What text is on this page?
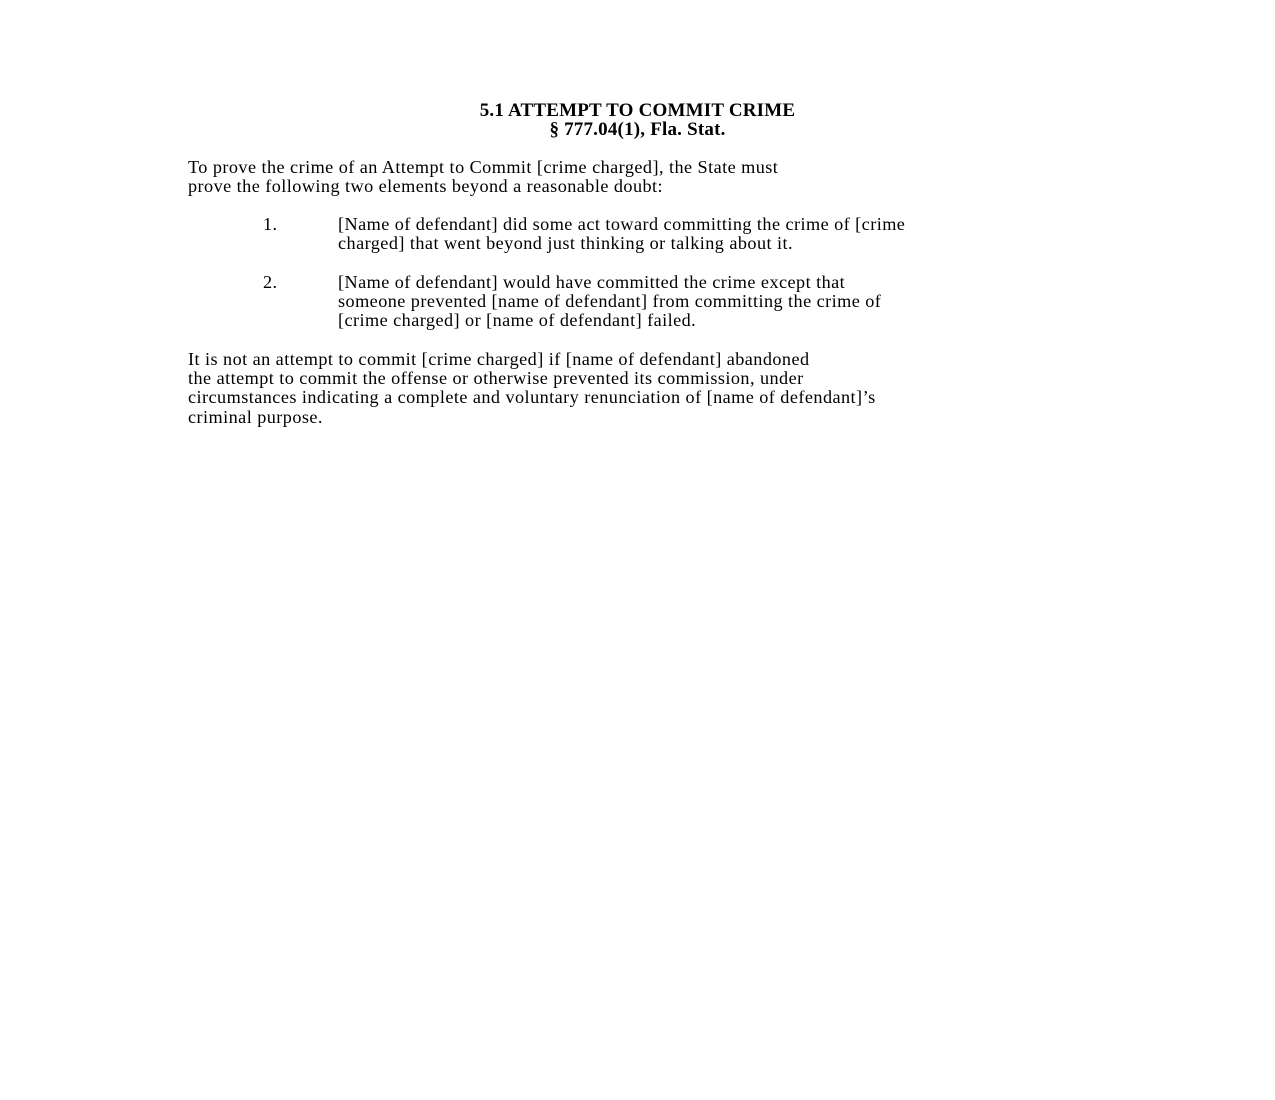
5.1 ATTEMPT TO COMMIT CRIME
§ 777.04(1), Fla. Stat.

To prove the crime of an Attempt to Commit [crime charged], the State must
prove the following two elements beyond a reasonable doubt:

1.	[Name of defendant] did some act toward committing the crime of [crime
charged] that went beyond just thinking or talking about it.
2.	[Name of defendant] would have committed the crime except that
someone prevented [name of defendant] from committing the crime of
[crime charged] or [name of defendant] failed.

It is not an attempt to commit [crime charged] if [name of defendant] abandoned
the attempt to commit the offense or otherwise prevented its commission, under
circumstances indicating a complete and voluntary renunciation of [name of defendant]’s
criminal purpose.
